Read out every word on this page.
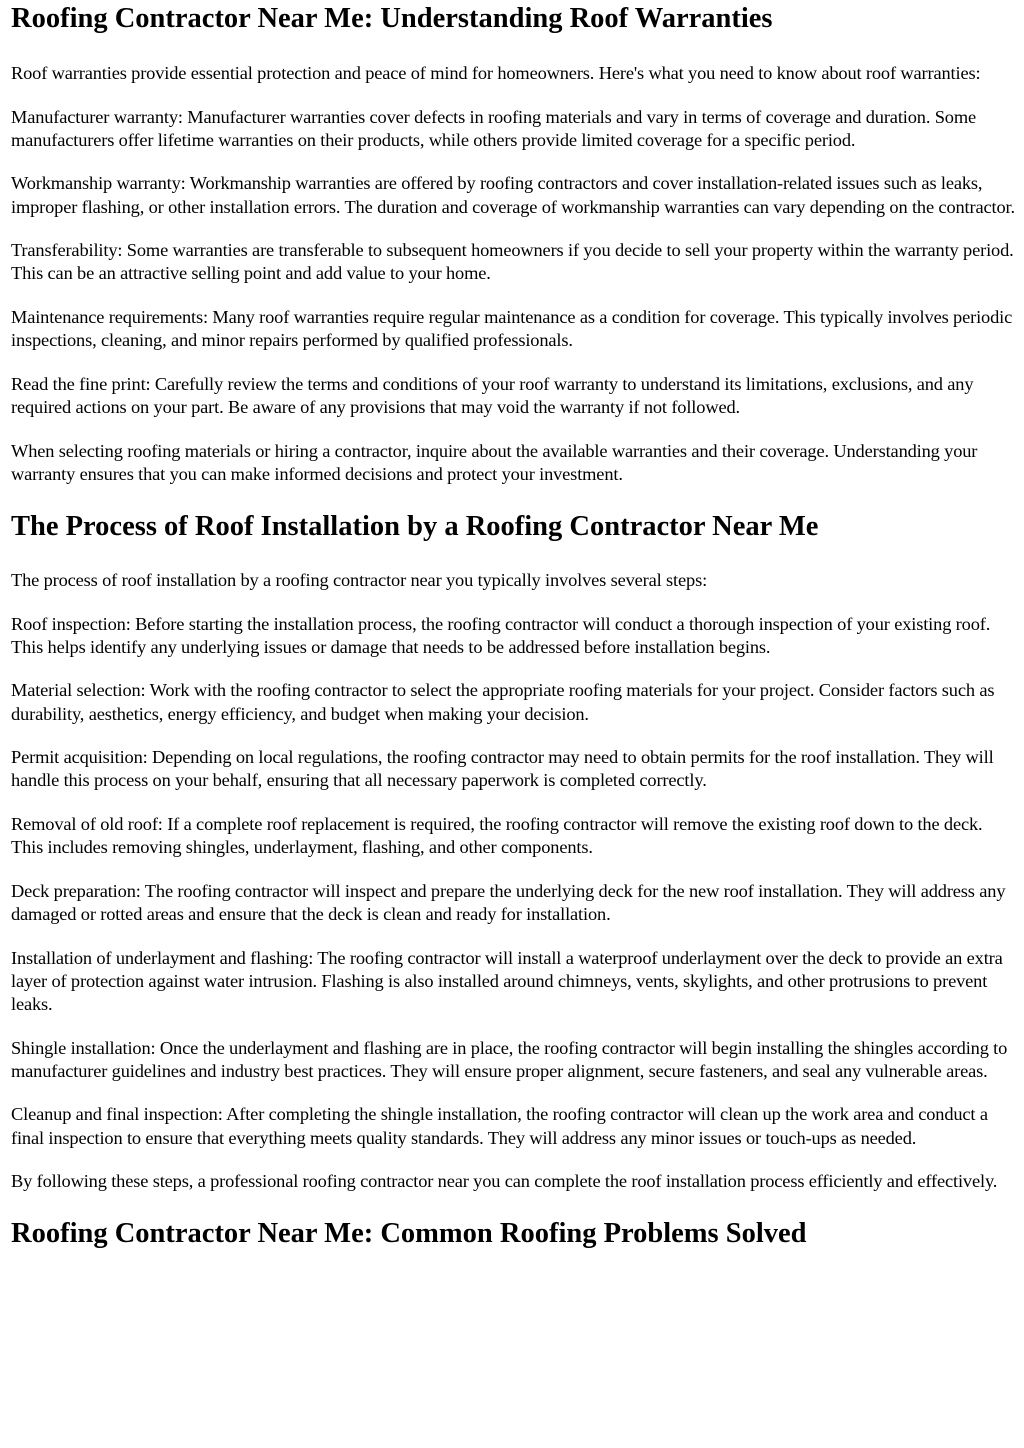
Roofing Contractor Near Me: Understanding Roof Warranties

Roof warranties provide essential protection and peace of mind for homeowners. Here's what you need to know about roof warranties:

Manufacturer warranty: Manufacturer warranties cover defects in roofing materials and vary in terms of coverage and duration. Some manufacturers offer lifetime warranties on their products, while others provide limited coverage for a specific period.

Workmanship warranty: Workmanship warranties are offered by roofing contractors and cover installation-related issues such as leaks, improper flashing, or other installation errors. The duration and coverage of workmanship warranties can vary depending on the contractor.

Transferability: Some warranties are transferable to subsequent homeowners if you decide to sell your property within the warranty period. This can be an attractive selling point and add value to your home.

Maintenance requirements: Many roof warranties require regular maintenance as a condition for coverage. This typically involves periodic inspections, cleaning, and minor repairs performed by qualified professionals.

Read the fine print: Carefully review the terms and conditions of your roof warranty to understand its limitations, exclusions, and any required actions on your part. Be aware of any provisions that may void the warranty if not followed.

When selecting roofing materials or hiring a contractor, inquire about the available warranties and their coverage. Understanding your warranty ensures that you can make informed decisions and protect your investment.

The Process of Roof Installation by a Roofing Contractor Near Me

The process of roof installation by a roofing contractor near you typically involves several steps:

Roof inspection: Before starting the installation process, the roofing contractor will conduct a thorough inspection of your existing roof. This helps identify any underlying issues or damage that needs to be addressed before installation begins.

Material selection: Work with the roofing contractor to select the appropriate roofing materials for your project. Consider factors such as durability, aesthetics, energy efficiency, and budget when making your decision.

Permit acquisition: Depending on local regulations, the roofing contractor may need to obtain permits for the roof installation. They will handle this process on your behalf, ensuring that all necessary paperwork is completed correctly.

Removal of old roof: If a complete roof replacement is required, the roofing contractor will remove the existing roof down to the deck. This includes removing shingles, underlayment, flashing, and other components.

Deck preparation: The roofing contractor will inspect and prepare the underlying deck for the new roof installation. They will address any damaged or rotted areas and ensure that the deck is clean and ready for installation.

Installation of underlayment and flashing: The roofing contractor will install a waterproof underlayment over the deck to provide an extra layer of protection against water intrusion. Flashing is also installed around chimneys, vents, skylights, and other protrusions to prevent leaks.

Shingle installation: Once the underlayment and flashing are in place, the roofing contractor will begin installing the shingles according to manufacturer guidelines and industry best practices. They will ensure proper alignment, secure fasteners, and seal any vulnerable areas.

Cleanup and final inspection: After completing the shingle installation, the roofing contractor will clean up the work area and conduct a final inspection to ensure that everything meets quality standards. They will address any minor issues or touch-ups as needed.

By following these steps, a professional roofing contractor near you can complete the roof installation process efficiently and effectively.

Roofing Contractor Near Me: Common Roofing Problems Solved
